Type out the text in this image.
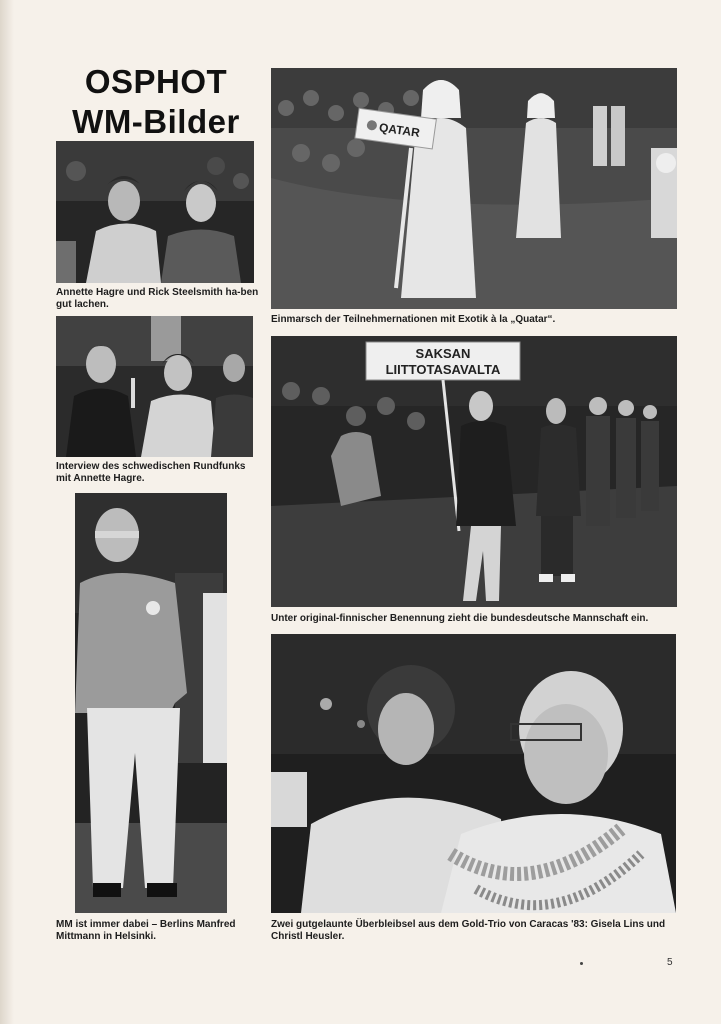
OSPHOT
WM-Bilder
Annette Hagre und Rick Steelsmith ha-ben gut lachen.
Interview des schwedischen Rundfunks mit Annette Hagre.
MM ist immer dabei – Berlins Manfred Mittmann in Helsinki.
QATAR
Einmarsch der Teilnehmernationen mit Exotik à la „Quatar“.
SAKSAN
LIITTOTASAVALTA
Unter original-finnischer Benennung zieht die bundesdeutsche Mannschaft ein.
Zwei gutgelaunte Überbleibsel aus dem Gold-Trio von Caracas '83: Gisela Lins und Christl Heusler.
5
